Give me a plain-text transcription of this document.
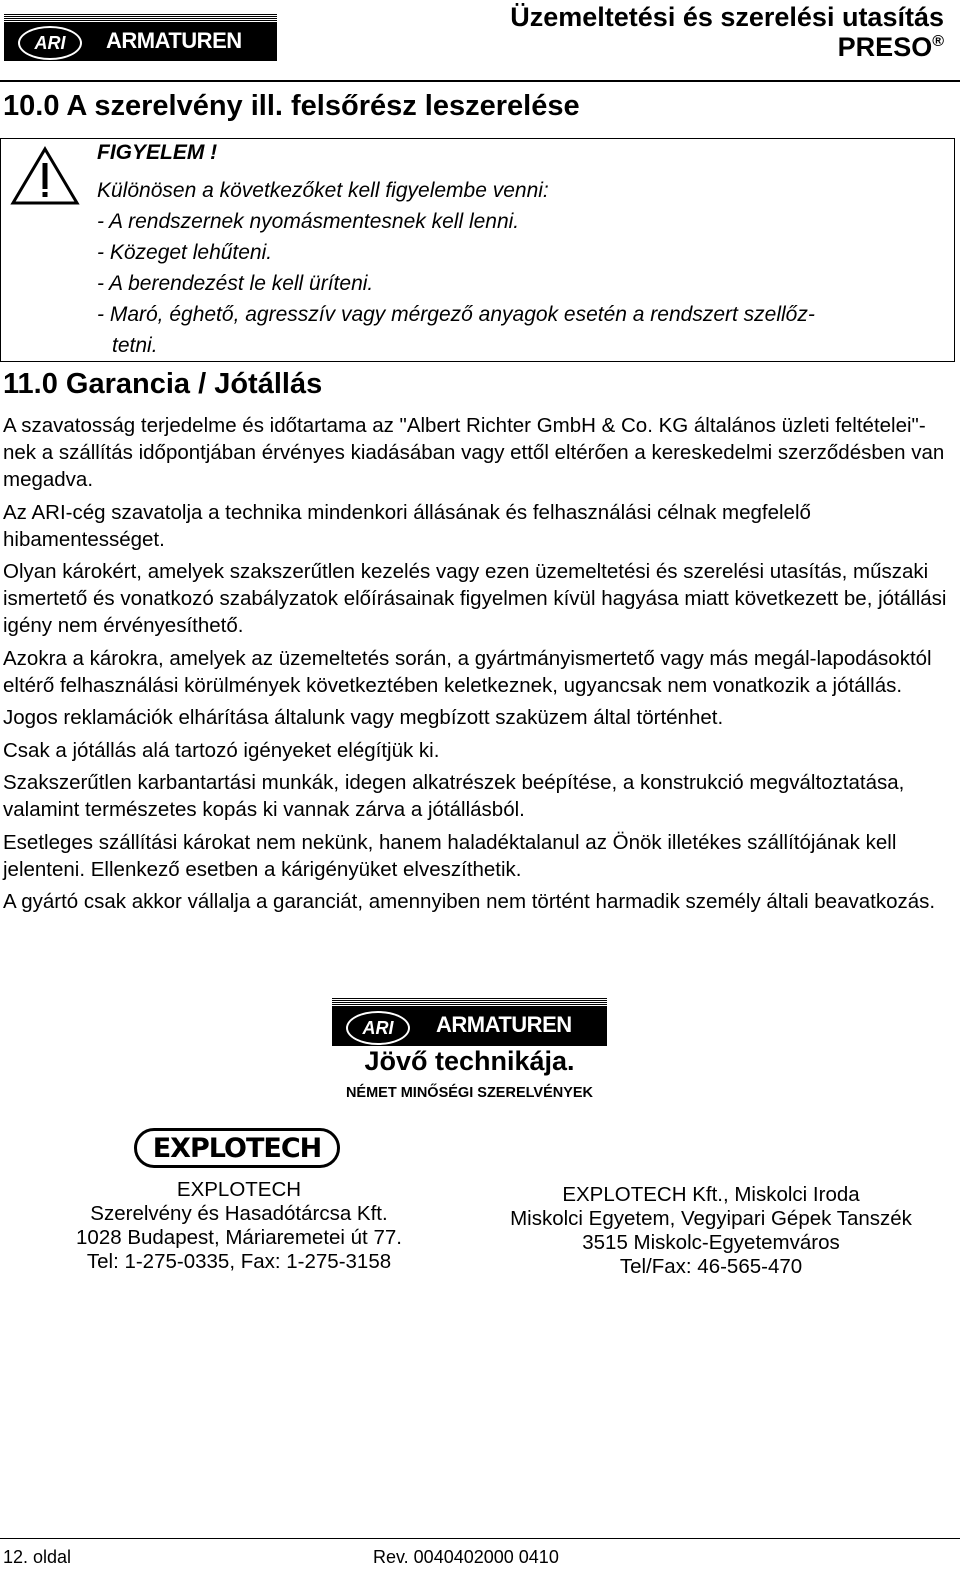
ARI ARMATUREN
Üzemeltetési és szerelési utasítás
PRESO®
10.0 A szerelvény ill. felsőrész leszerelése
FIGYELEM !
Különösen a következőket kell figyelembe venni:
- A rendszernek nyomásmentesnek kell lenni.
- Közeget lehűteni.
- A berendezést le kell üríteni.
- Maró, éghető, agresszív vagy mérgező anyagok esetén a rendszert szellőz-
tetni.
11.0 Garancia / Jótállás

A szavatosság terjedelme és időtartama az "Albert Richter GmbH & Co. KG általános üzleti feltételei"-nek a szállítás időpontjában érvényes kiadásában vagy ettől eltérően a kereskedelmi szerződésben van megadva.

Az ARI-cég szavatolja a technika mindenkori állásának és felhasználási célnak megfelelő hibamentességet.

Olyan károkért, amelyek szakszerűtlen kezelés vagy ezen üzemeltetési és szerelési utasítás, műszaki ismertető és vonatkozó szabályzatok előírásainak figyelmen kívül hagyása miatt következett be, jótállási igény nem érvényesíthető.

Azokra a károkra, amelyek az üzemeltetés során, a gyártmányismertető vagy más megál-lapodásoktól eltérő felhasználási körülmények következtében keletkeznek, ugyancsak nem vonatkozik a jótállás.

Jogos reklamációk elhárítása általunk vagy megbízott szaküzem által történhet.

Csak a jótállás alá tartozó igényeket elégítjük ki.

Szakszerűtlen karbantartási munkák, idegen alkatrészek beépítése, a konstrukció megváltoztatása, valamint természetes kopás ki vannak zárva a jótállásból.

Esetleges szállítási károkat nem nekünk, hanem haladéktalanul az Önök illetékes szállítójának kell jelenteni. Ellenkező esetben a kárigényüket elveszíthetik.

A gyártó csak akkor vállalja a garanciát, amennyiben nem történt harmadik személy általi beavatkozás.

ARI ARMATUREN
Jövő technikája.
NÉMET MINŐSÉGI SZERELVÉNYEK
EXPLOTECH
EXPLOTECH
Szerelvény és Hasadótárcsa Kft.
1028 Budapest, Máriaremetei út 77.
Tel: 1-275-0335, Fax: 1-275-3158
EXPLOTECH Kft., Miskolci Iroda
Miskolci Egyetem, Vegyipari Gépek Tanszék
3515 Miskolc-Egyetemváros
Tel/Fax: 46-565-470
12. oldal	Rev. 0040402000 0410
